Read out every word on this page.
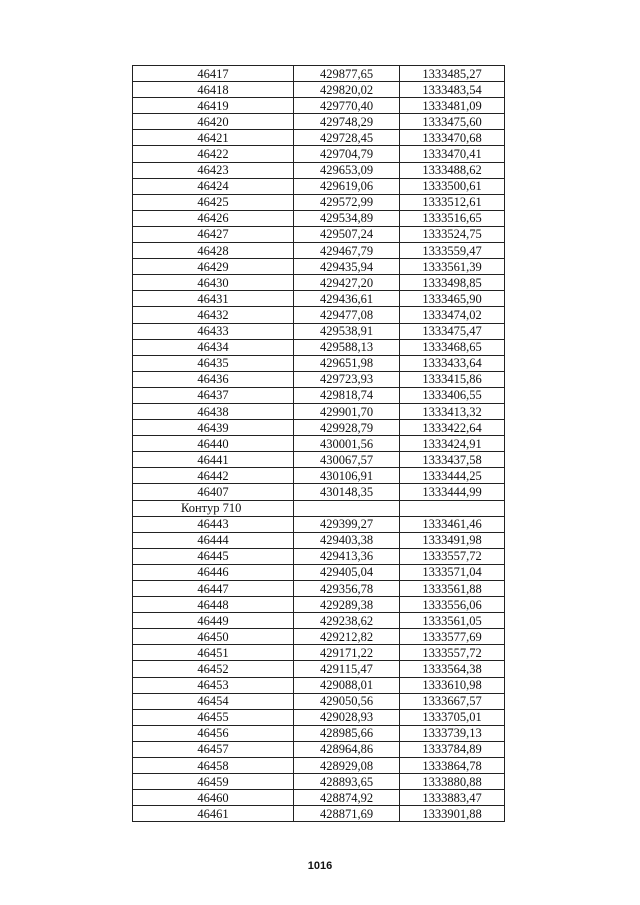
46417	429877,65	1333485,27
46418	429820,02	1333483,54
46419	429770,40	1333481,09
46420	429748,29	1333475,60
46421	429728,45	1333470,68
46422	429704,79	1333470,41
46423	429653,09	1333488,62
46424	429619,06	1333500,61
46425	429572,99	1333512,61
46426	429534,89	1333516,65
46427	429507,24	1333524,75
46428	429467,79	1333559,47
46429	429435,94	1333561,39
46430	429427,20	1333498,85
46431	429436,61	1333465,90
46432	429477,08	1333474,02
46433	429538,91	1333475,47
46434	429588,13	1333468,65
46435	429651,98	1333433,64
46436	429723,93	1333415,86
46437	429818,74	1333406,55
46438	429901,70	1333413,32
46439	429928,79	1333422,64
46440	430001,56	1333424,91
46441	430067,57	1333437,58
46442	430106,91	1333444,25
46407	430148,35	1333444,99
Контур 710		
46443	429399,27	1333461,46
46444	429403,38	1333491,98
46445	429413,36	1333557,72
46446	429405,04	1333571,04
46447	429356,78	1333561,88
46448	429289,38	1333556,06
46449	429238,62	1333561,05
46450	429212,82	1333577,69
46451	429171,22	1333557,72
46452	429115,47	1333564,38
46453	429088,01	1333610,98
46454	429050,56	1333667,57
46455	429028,93	1333705,01
46456	428985,66	1333739,13
46457	428964,86	1333784,89
46458	428929,08	1333864,78
46459	428893,65	1333880,88
46460	428874,92	1333883,47
46461	428871,69	1333901,88
1016
